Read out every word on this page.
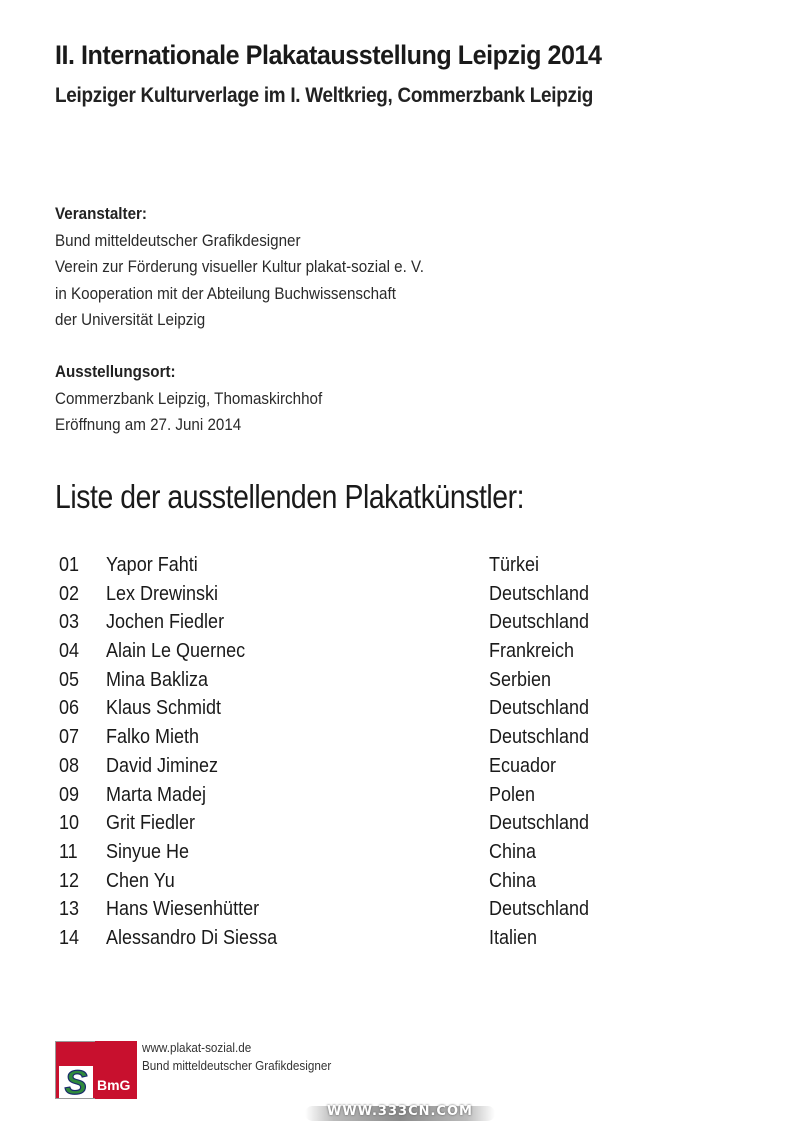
II. Internationale Plakatausstellung Leipzig 2014
Leipziger Kulturverlage im I. Weltkrieg, Commerzbank Leipzig
Veranstalter:
Bund mitteldeutscher Grafikdesigner
Verein zur Förderung visueller Kultur plakat-sozial e. V.
in Kooperation mit der Abteilung Buchwissenschaft
der Universität Leipzig
Ausstellungsort:
Commerzbank Leipzig, Thomaskirchhof
Eröffnung am 27. Juni 2014
Liste der ausstellenden Plakatkünstler:
01 Yapor Fahti	Türkei
02 Lex Drewinski	Deutschland
03 Jochen Fiedler	Deutschland
04 Alain Le Quernec	Frankreich
05 Mina Bakliza	Serbien
06 Klaus Schmidt	Deutschland
07 Falko Mieth	Deutschland
08 David Jiminez	Ecuador
09 Marta Madej	Polen
10 Grit Fiedler	Deutschland
11 Sinyue He	China
12 Chen Yu	China
13 Hans Wiesenhütter	Deutschland
14 Alessandro Di Siessa	Italien
S BmG
www.plakat-sozial.de
Bund mitteldeutscher Grafikdesigner
WWW.333CN.COM
